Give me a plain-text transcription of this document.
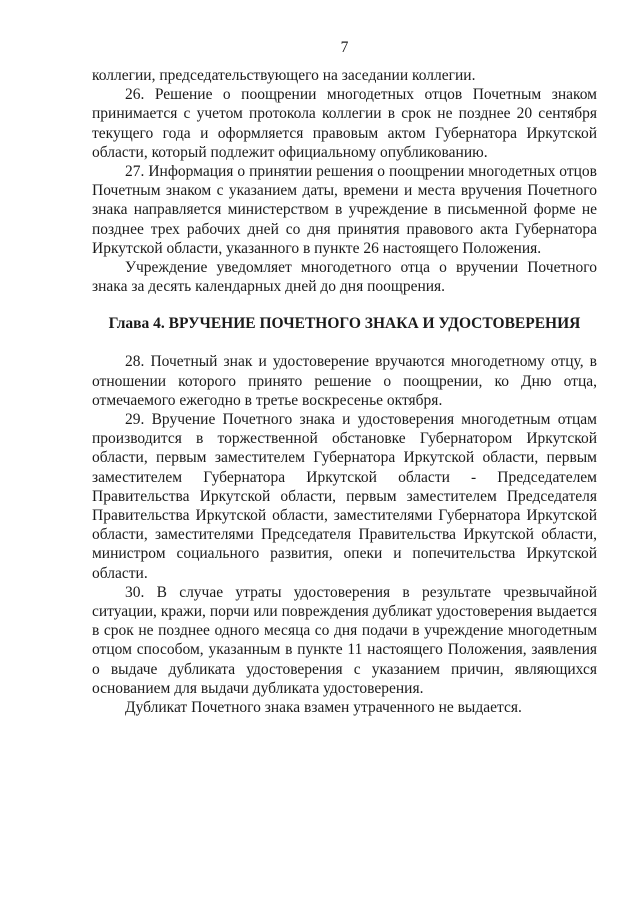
7

коллегии, председательствующего на заседании коллегии.

26. Решение о поощрении многодетных отцов Почетным знаком принимается с учетом протокола коллегии в срок не позднее 20 сентября текущего года и оформляется правовым актом Губернатора Иркутской области, который подлежит официальному опубликованию.

27. Информация о принятии решения о поощрении многодетных отцов Почетным знаком с указанием даты, времени и места вручения Почетного знака направляется министерством в учреждение в письменной форме не позднее трех рабочих дней со дня принятия правового акта Губернатора Иркутской области, указанного в пункте 26 настоящего Положения.

Учреждение уведомляет многодетного отца о вручении Почетного знака за десять календарных дней до дня поощрения.

Глава 4. ВРУЧЕНИЕ ПОЧЕТНОГО ЗНАКА И УДОСТОВЕРЕНИЯ

28. Почетный знак и удостоверение вручаются многодетному отцу, в отношении которого принято решение о поощрении, ко Дню отца, отмечаемого ежегодно в третье воскресенье октября.

29. Вручение Почетного знака и удостоверения многодетным отцам производится в торжественной обстановке Губернатором Иркутской области, первым заместителем Губернатора Иркутской области, первым заместителем Губернатора Иркутской области - Председателем Правительства Иркутской области, первым заместителем Председателя Правительства Иркутской области, заместителями Губернатора Иркутской области, заместителями Председателя Правительства Иркутской области, министром социального развития, опеки и попечительства Иркутской области.

30. В случае утраты удостоверения в результате чрезвычайной ситуации, кражи, порчи или повреждения дубликат удостоверения выдается в срок не позднее одного месяца со дня подачи в учреждение многодетным отцом способом, указанным в пункте 11 настоящего Положения, заявления о выдаче дубликата удостоверения с указанием причин, являющихся основанием для выдачи дубликата удостоверения.

Дубликат Почетного знака взамен утраченного не выдается.
